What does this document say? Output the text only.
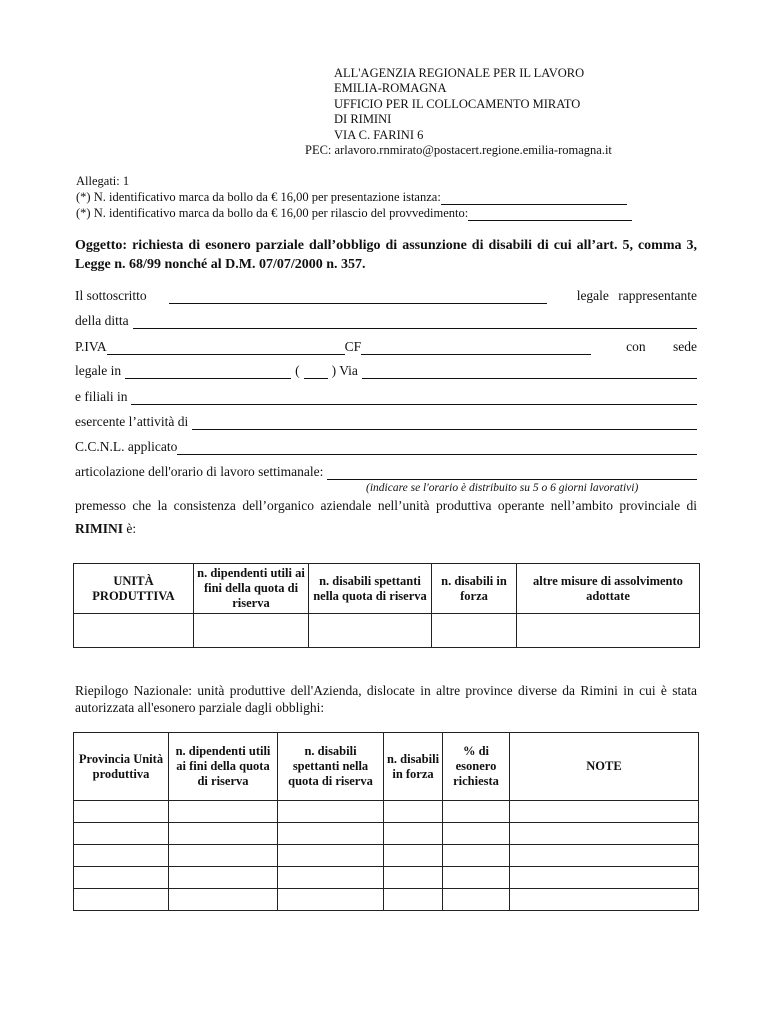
ALL'AGENZIA REGIONALE PER IL LAVORO
EMILIA-ROMAGNA
UFFICIO PER IL COLLOCAMENTO MIRATO
DI RIMINI
VIA C. FARINI 6
PEC: arlavoro.rnmirato@postacert.regione.emilia-romagna.it
Allegati: 1
(*) N. identificativo marca da bollo da € 16,00 per presentazione istanza:
(*) N. identificativo marca da bollo da € 16,00 per rilascio del provvedimento:
Oggetto: richiesta di esonero parziale dall’obbligo di assunzione di disabili di cui all’art. 5, comma 3, Legge n. 68/99 nonché al D.M. 07/07/2000 n. 357.
Il sottoscritto	legale rappresentante
della ditta
P.IVA	CF	con sede
legale in	( ) Via
e filiali in
esercente l’attività di
C.C.N.L. applicato
articolazione dell'orario di lavoro settimanale:
(indicare se l'orario è distribuito su 5 o 6 giorni lavorativi)
premesso che la consistenza dell’organico aziendale nell’unità produttiva operante nell’ambito provinciale di RIMINI è:
UNITÀ PRODUTTIVA	n. dipendenti utili ai fini della quota di riserva	n. disabili spettanti nella quota di riserva	n. disabili in forza	altre misure di assolvimento adottate

Riepilogo Nazionale: unità produttive dell'Azienda, dislocate in altre province diverse da Rimini in cui è stata autorizzata all'esonero parziale dagli obblighi:
Provincia Unità produttiva	n. dipendenti utili ai fini della quota di riserva	n. disabili spettanti nella quota di riserva	n. disabili in forza	% di esonero richiesta	NOTE
